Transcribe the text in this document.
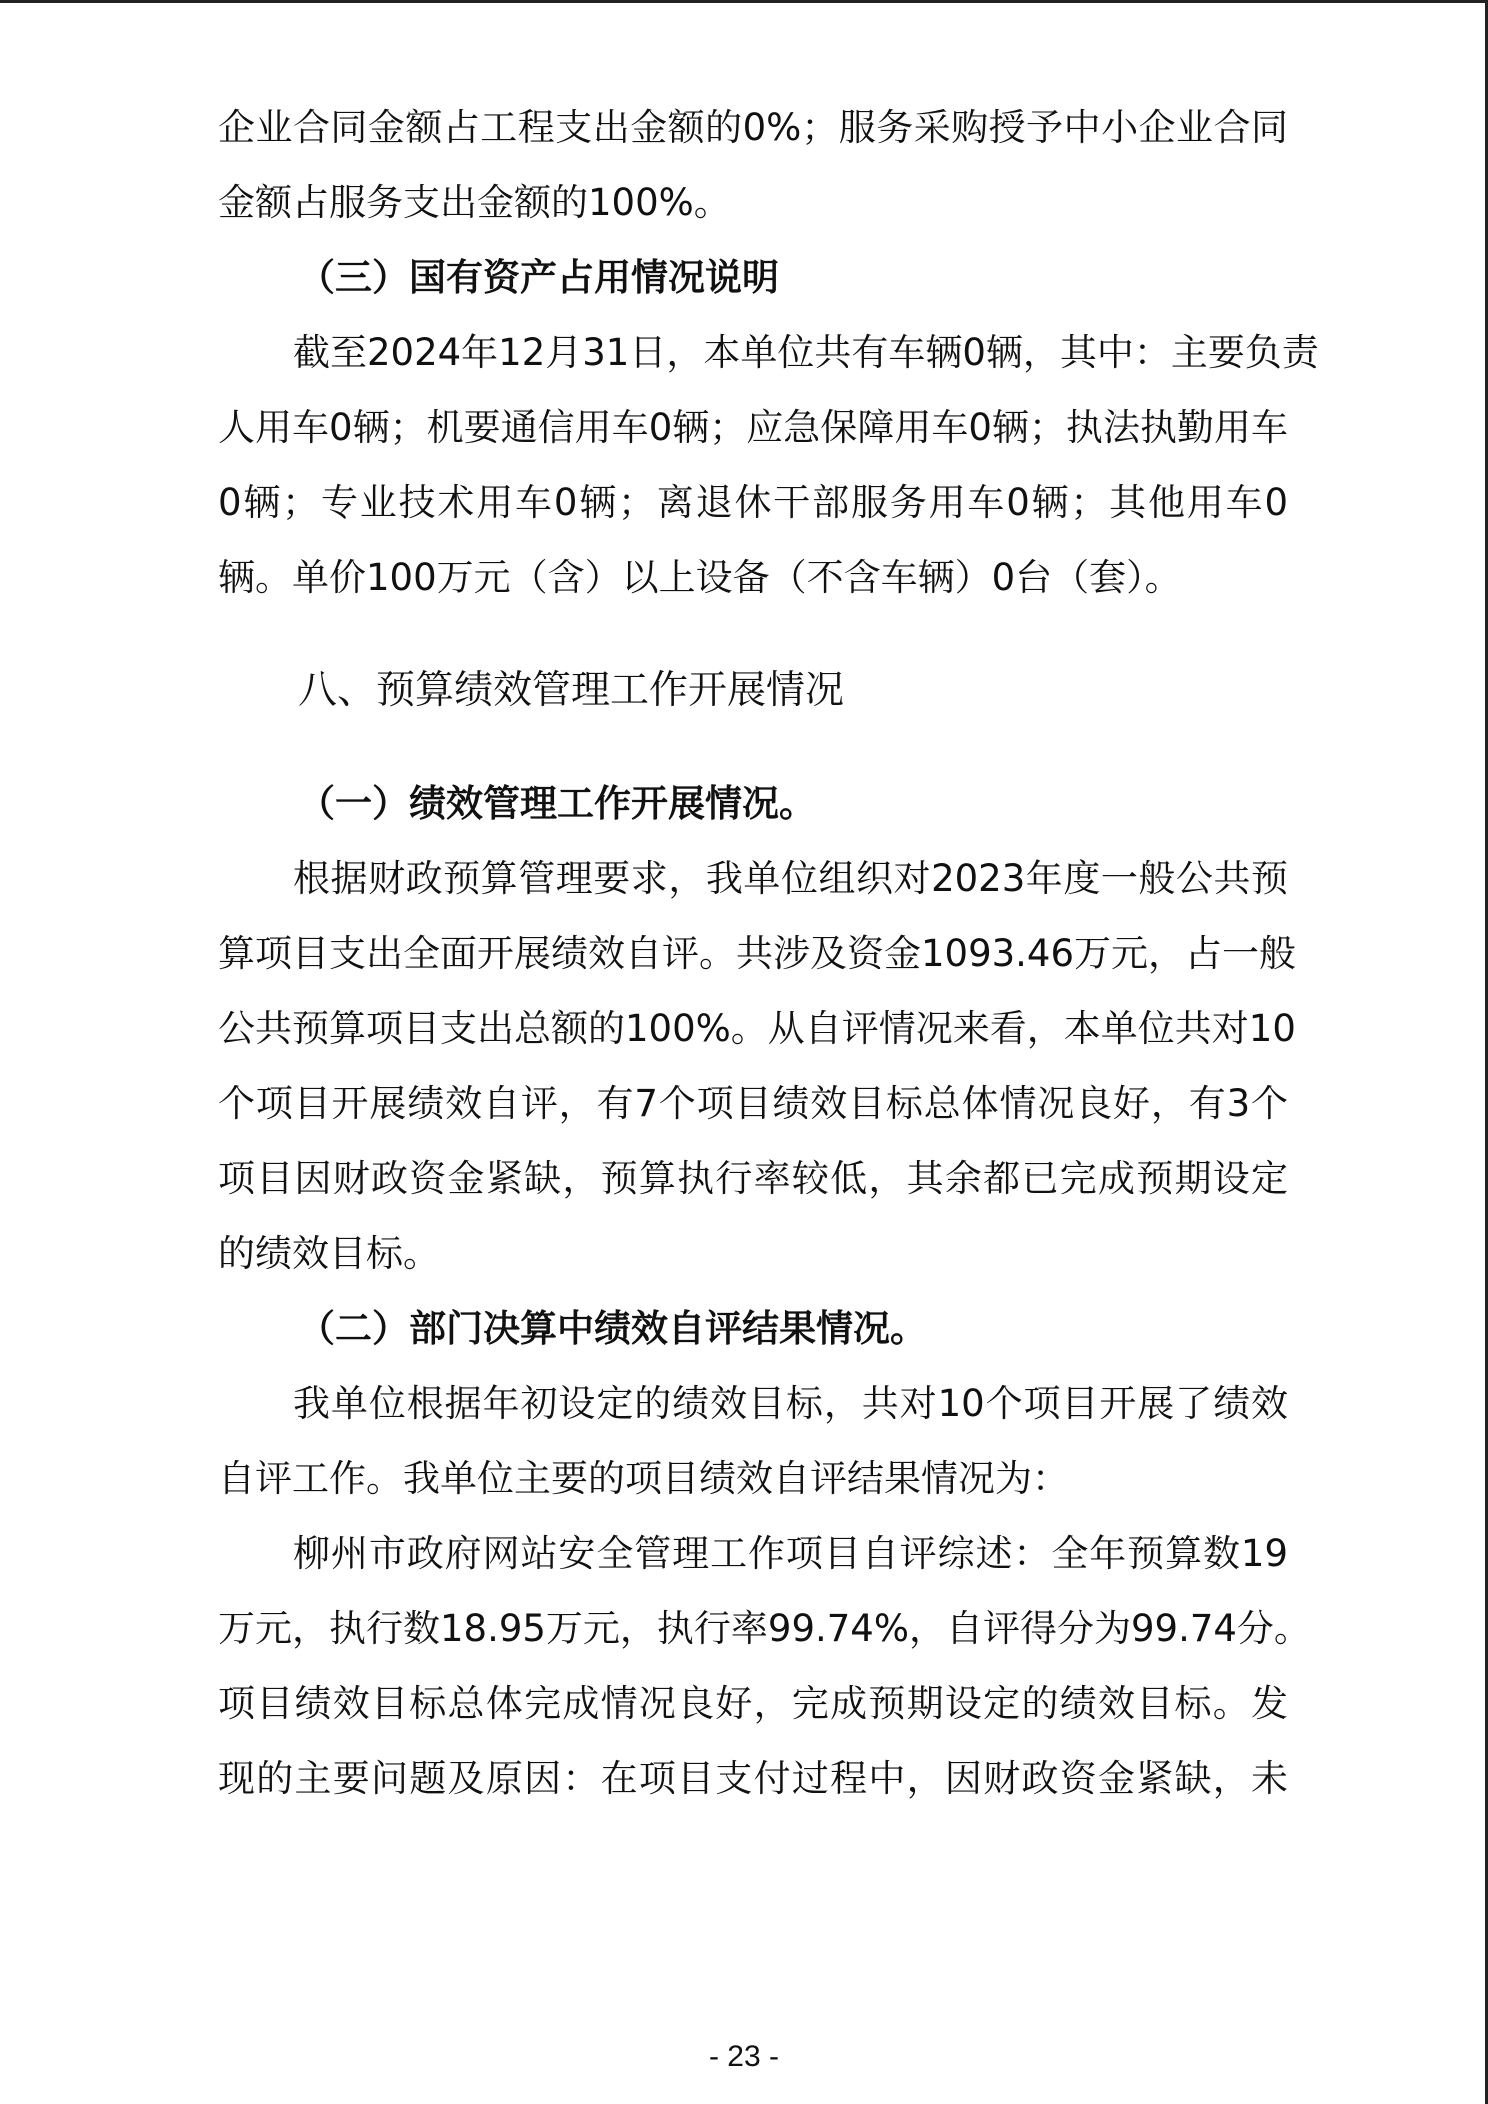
企业合同金额占工程支出金额的0%；服务采购授予中小企业合同
金额占服务支出金额的100%。
（三）国有资产占用情况说明
截至2024年12月31日，本单位共有车辆0辆，其中：主要负责
人用车0辆；机要通信用车0辆；应急保障用车0辆；执法执勤用车
0辆；专业技术用车0辆；离退休干部服务用车0辆；其他用车0
辆。单价100万元（含）以上设备（不含车辆）0台（套）。
八、预算绩效管理工作开展情况
（一）绩效管理工作开展情况。
根据财政预算管理要求，我单位组织对2023年度一般公共预
算项目支出全面开展绩效自评。共涉及资金1093.46万元，占一般
公共预算项目支出总额的100%。从自评情况来看，本单位共对10
个项目开展绩效自评，有7个项目绩效目标总体情况良好，有3个
项目因财政资金紧缺，预算执行率较低，其余都已完成预期设定
的绩效目标。
（二）部门决算中绩效自评结果情况。
我单位根据年初设定的绩效目标，共对10个项目开展了绩效
自评工作。我单位主要的项目绩效自评结果情况为：
柳州市政府网站安全管理工作项目自评综述：全年预算数19
万元，执行数18.95万元，执行率99.74%，自评得分为99.74分。
项目绩效目标总体完成情况良好，完成预期设定的绩效目标。发
现的主要问题及原因：在项目支付过程中，因财政资金紧缺，未
- 23 -
